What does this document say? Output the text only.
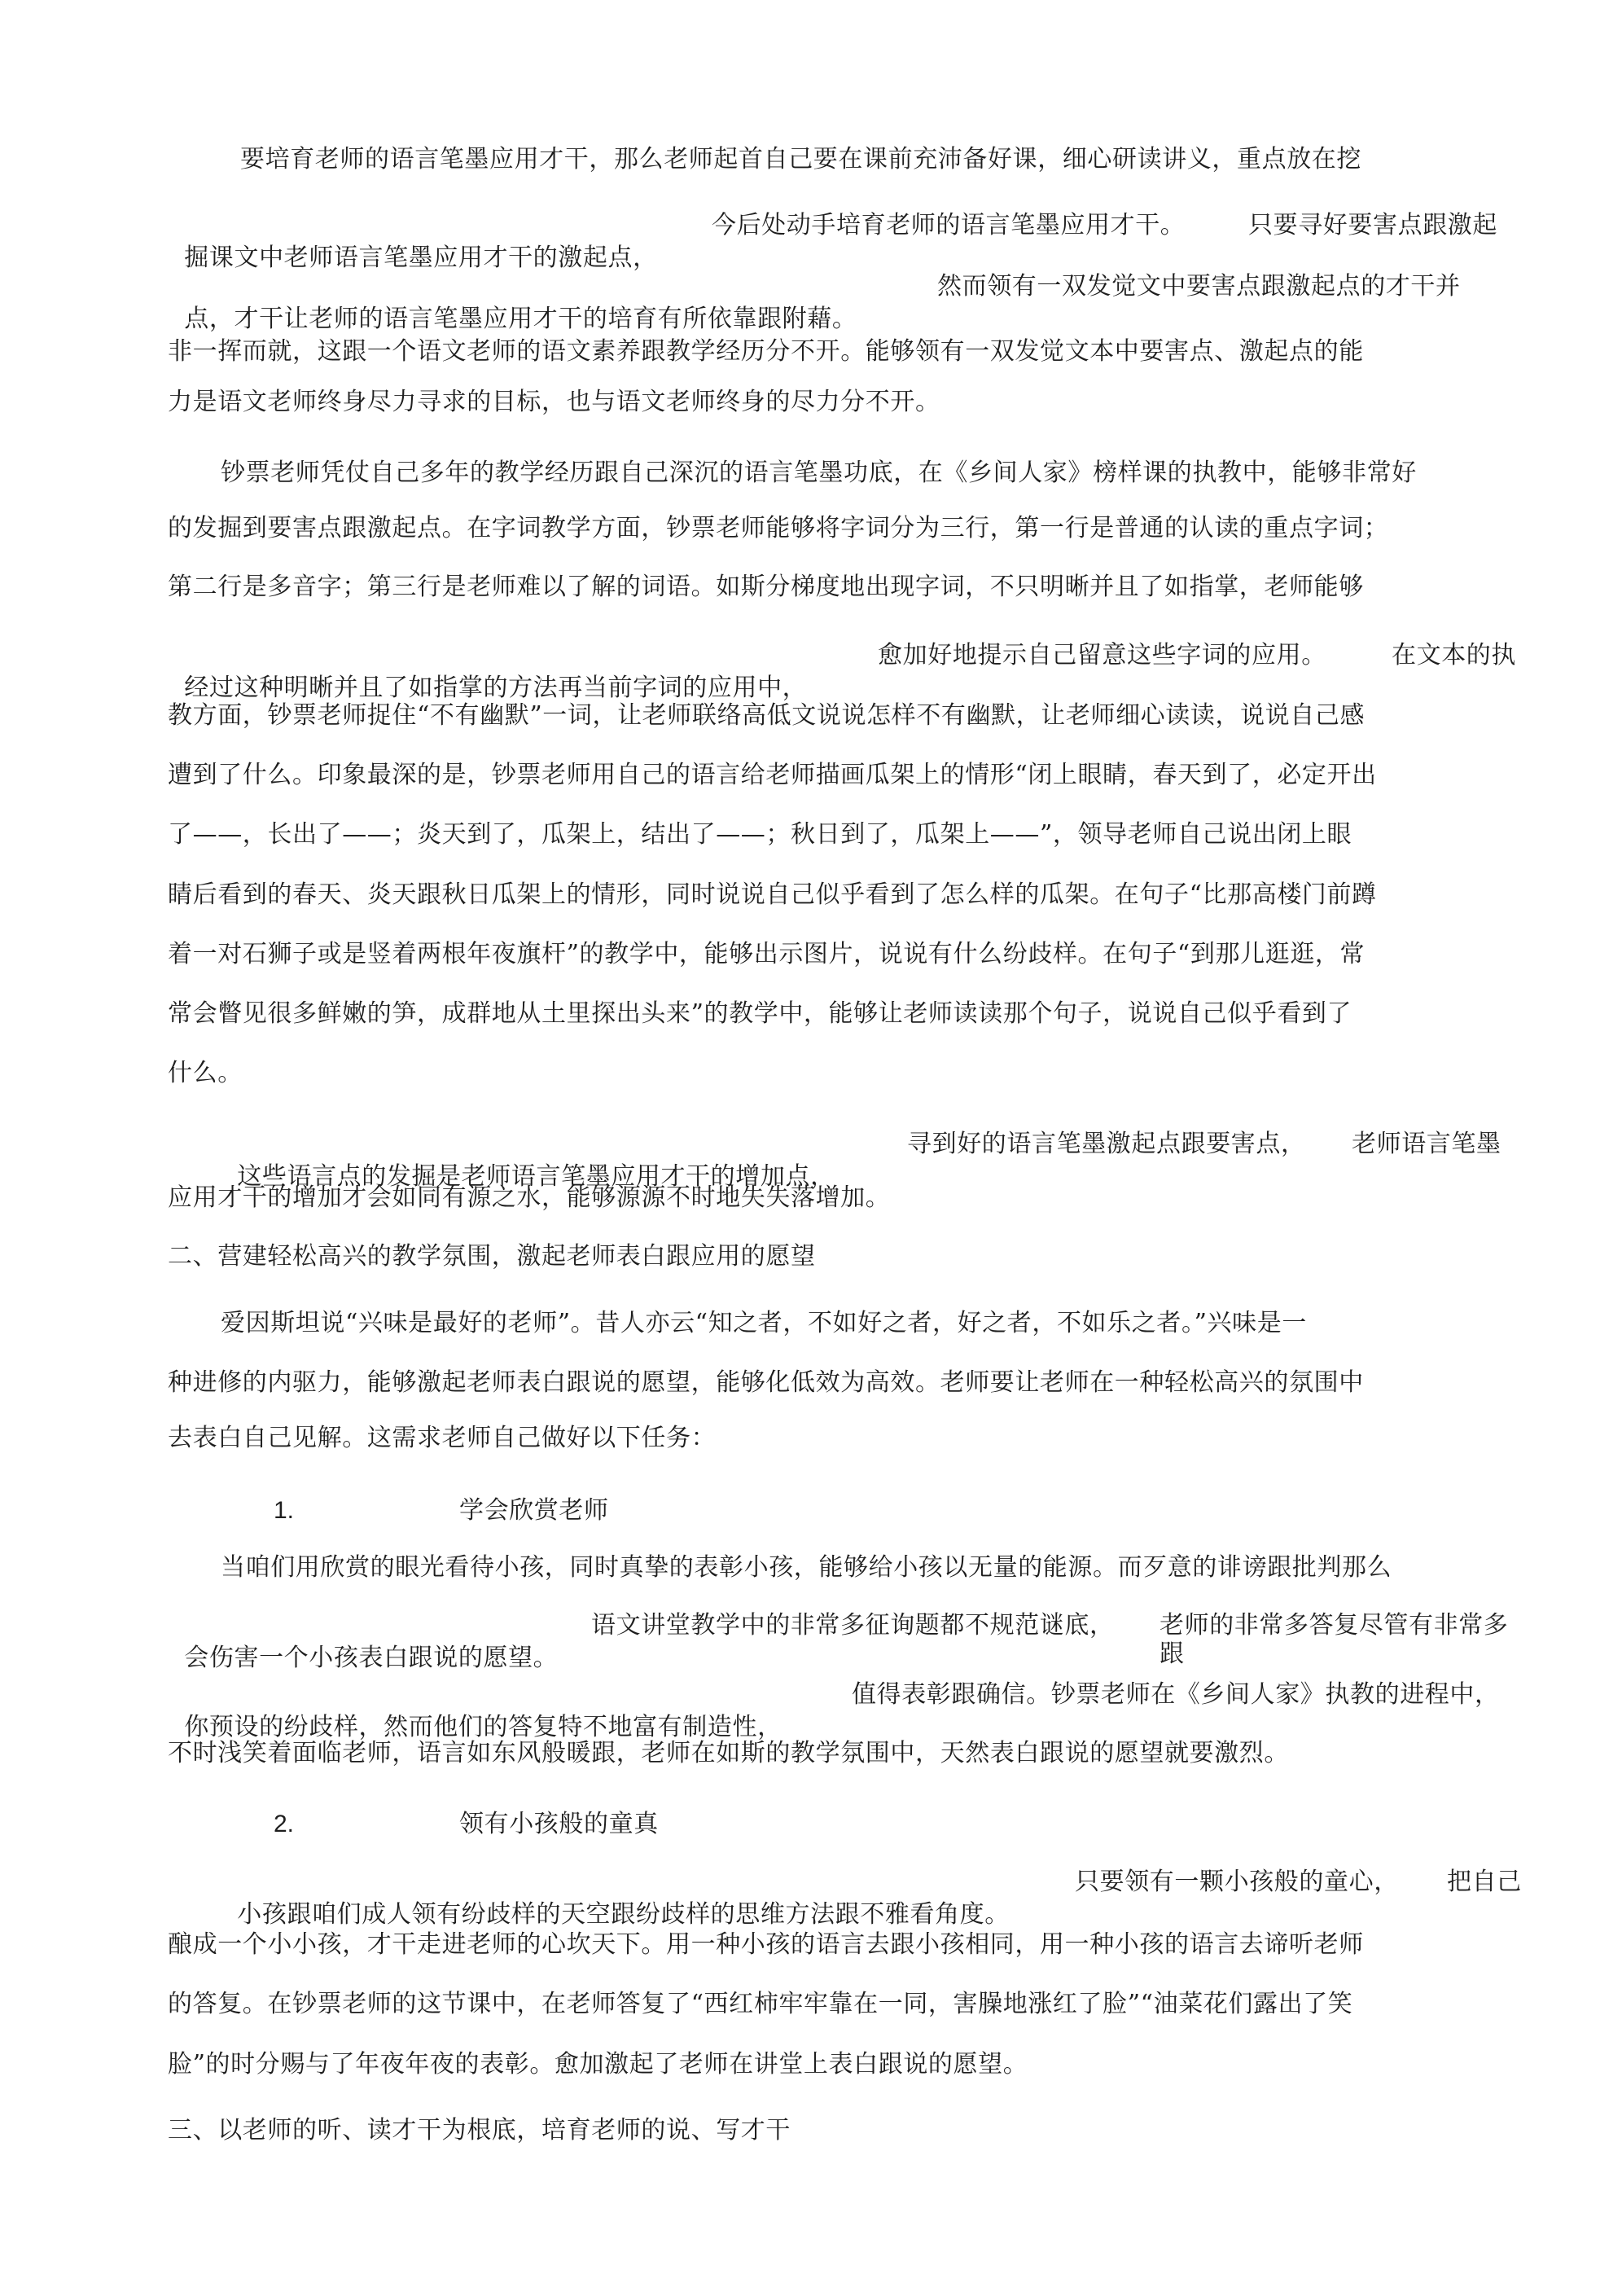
要培育老师的语言笔墨应用才干，那么老师起首自己要在课前充沛备好课，细心研读讲义，重点放在挖

掘课文中老师语言笔墨应用才干的激起点，

今后处动手培育老师的语言笔墨应用才干。

	只要寻好要害点跟激起

点，才干让老师的语言笔墨应用才干的培育有所依靠跟附藉。

然而领有一双发觉文中要害点跟激起点的才干并

非一挥而就，这跟一个语文老师的语文素养跟教学经历分不开。能够领有一双发觉文本中要害点、激起点的能
力是语文老师终身尽力寻求的目标，也与语文老师终身的尽力分不开。
钞票老师凭仗自己多年的教学经历跟自己深沉的语言笔墨功底，在《乡间人家》榜样课的执教中，能够非常好
的发掘到要害点跟激起点。在字词教学方面，钞票老师能够将字词分为三行，第一行是普通的认读的重点字词；
第二行是多音字；第三行是老师难以了解的词语。如斯分梯度地出现字词，不只明晰并且了如指掌，老师能够

经过这种明晰并且了如指掌的方法再当前字词的应用中，

愈加好地提示自己留意这些字词的应用。

	在文本的执

教方面，钞票老师捉住“不有幽默”一词，让老师联络高低文说说怎样不有幽默，让老师细心读读，说说自己感
遭到了什么。印象最深的是，钞票老师用自己的语言给老师描画瓜架上的情形“闭上眼睛，春天到了，必定开出
了——，长出了——；炎天到了，瓜架上，结出了——；秋日到了，瓜架上——”，领导老师自己说出闭上眼
睛后看到的春天、炎天跟秋日瓜架上的情形，同时说说自己似乎看到了怎么样的瓜架。在句子“比那高楼门前蹲
着一对石狮子或是竖着两根年夜旗杆”的教学中，能够出示图片，说说有什么纷歧样。在句子“到那儿逛逛，常
常会瞥见很多鲜嫩的笋，成群地从土里探出头来”的教学中，能够让老师读读那个句子，说说自己似乎看到了
什么。

这些语言点的发掘是老师语言笔墨应用才干的增加点，

寻到好的语言笔墨激起点跟要害点，

老师语言笔墨

应用才干的增加才会如同有源之水，能够源源不时地失失落增加。
二、营建轻松高兴的教学氛围，激起老师表白跟应用的愿望
爱因斯坦说“兴味是最好的老师”。昔人亦云“知之者，不如好之者，好之者，不如乐之者。”兴味是一
种进修的内驱力，能够激起老师表白跟说的愿望，能够化低效为高效。老师要让老师在一种轻松高兴的氛围中
去表白自己见解。这需求老师自己做好以下任务：
1.	学会欣赏老师
当咱们用欣赏的眼光看待小孩，同时真挚的表彰小孩，能够给小孩以无量的能源。而歹意的诽谤跟批判那么

会伤害一个小孩表白跟说的愿望。

语文讲堂教学中的非常多征询题都不规范谜底，

老师的非常多答复尽管有非常多

跟

你预设的纷歧样，然而他们的答复特不地富有制造性，

值得表彰跟确信。钞票老师在《乡间人家》执教的进程中，

不时浅笑着面临老师，语言如东风般暖跟，老师在如斯的教学氛围中，天然表白跟说的愿望就要激烈。
2.	领有小孩般的童真

小孩跟咱们成人领有纷歧样的天空跟纷歧样的思维方法跟不雅看角度。

只要领有一颗小孩般的童心，

把自己

酿成一个小小孩，才干走进老师的心坎天下。用一种小孩的语言去跟小孩相同，用一种小孩的语言去谛听老师
的答复。在钞票老师的这节课中，在老师答复了“西红柿牢牢靠在一同，害臊地涨红了脸”“油菜花们露出了笑
脸”的时分赐与了年夜年夜的表彰。愈加激起了老师在讲堂上表白跟说的愿望。
三、以老师的听、读才干为根底，培育老师的说、写才干
